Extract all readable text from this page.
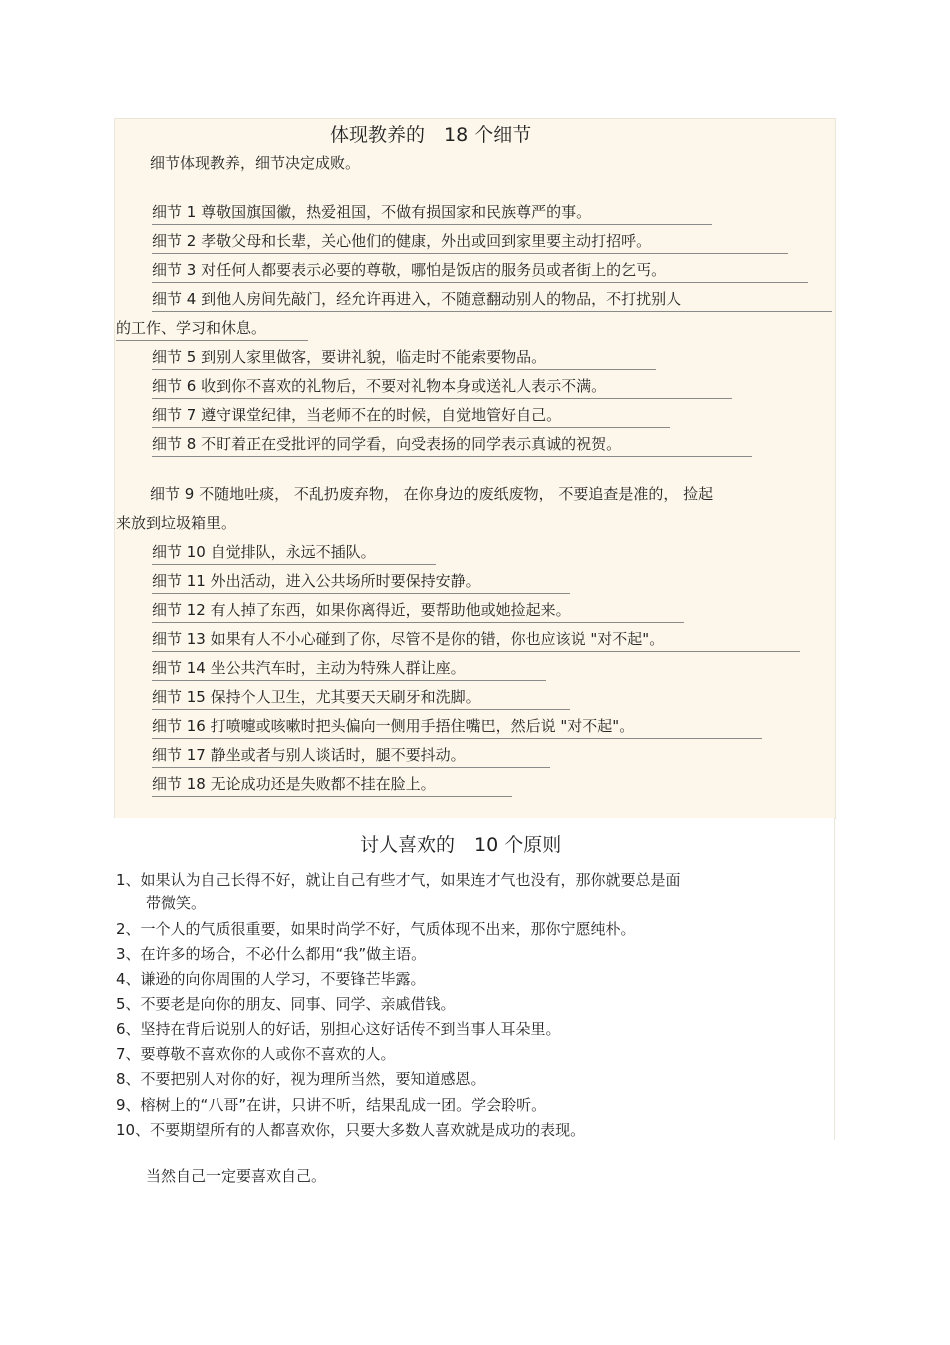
体现教养的　18 个细节
细节体现教养，细节决定成败。
细节 1 尊敬国旗国徽，热爱祖国，不做有损国家和民族尊严的事。
细节 2 孝敬父母和长辈，关心他们的健康，外出或回到家里要主动打招呼。
细节 3 对任何人都要表示必要的尊敬，哪怕是饭店的服务员或者街上的乞丐。
细节 4 到他人房间先敲门，经允许再进入，不随意翻动别人的物品，不打扰别人
的工作、学习和休息。
细节 5 到别人家里做客，要讲礼貌，临走时不能索要物品。
细节 6 收到你不喜欢的礼物后，不要对礼物本身或送礼人表示不满。
细节 7 遵守课堂纪律，当老师不在的时候，自觉地管好自己。
细节 8 不盯着正在受批评的同学看，向受表扬的同学表示真诚的祝贺。
细节 9 不随地吐痰， 不乱扔废弃物， 在你身边的废纸废物， 不要追查是准的， 捡起
来放到垃圾箱里。
细节 10 自觉排队，永远不插队。
细节 11 外出活动，进入公共场所时要保持安静。
细节 12 有人掉了东西，如果你离得近，要帮助他或她捡起来。
细节 13 如果有人不小心碰到了你，尽管不是你的错，你也应该说 "对不起"。
细节 14 坐公共汽车时，主动为特殊人群让座。
细节 15 保持个人卫生，尤其要天天刷牙和洗脚。
细节 16 打喷嚏或咳嗽时把头偏向一侧用手捂住嘴巴，然后说 "对不起"。
细节 17 静坐或者与别人谈话时，腿不要抖动。
细节 18 无论成功还是失败都不挂在脸上。
讨人喜欢的　10 个原则
1、如果认为自己长得不好，就让自己有些才气，如果连才气也没有，那你就要总是面
　　带微笑。
2、一个人的气质很重要，如果时尚学不好，气质体现不出来，那你宁愿纯朴。
3、在许多的场合，不必什么都用“我”做主语。
4、谦逊的向你周围的人学习，不要锋芒毕露。
5、不要老是向你的朋友、同事、同学、亲戚借钱。
6、坚持在背后说别人的好话，别担心这好话传不到当事人耳朵里。
7、要尊敬不喜欢你的人或你不喜欢的人。
8、不要把别人对你的好，视为理所当然，要知道感恩。
9、榕树上的“八哥”在讲，只讲不听，结果乱成一团。学会聆听。
10、不要期望所有的人都喜欢你，只要大多数人喜欢就是成功的表现。
当然自己一定要喜欢自己。
